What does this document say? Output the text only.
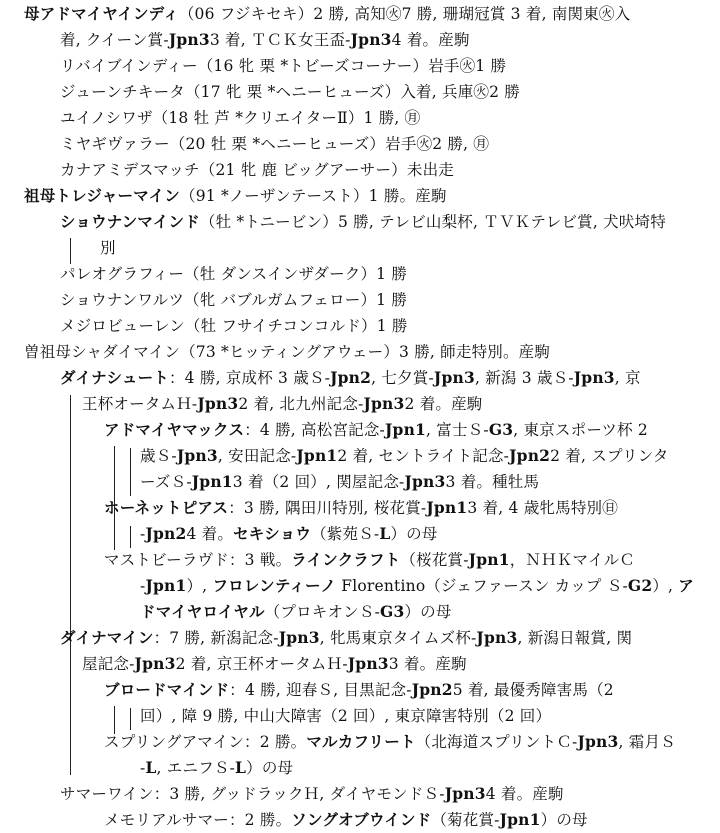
母アドマイヤインディ（06 フジキセキ）2 勝, 高知㊋7 勝, 珊瑚冠賞 3 着, 南関東㊋入
着, クイーン賞-Jpn33 着, ＴＣＫ女王盃-Jpn34 着。産駒
リバイブインディー（16 牝 栗 *トビーズコーナー）岩手㊋1 勝
ジューンチキータ（17 牝 栗 *ヘニーヒューズ）入着, 兵庫㊋2 勝
ユイノシワザ（18 牡 芦 *クリエイターⅡ）1 勝, ㊊
ミヤギヴァラー（20 牡 栗 *ヘニーヒューズ）岩手㊋2 勝, ㊊
カナアミデスマッチ（21 牝 鹿 ビッグアーサー）未出走
祖母トレジャーマイン（91 *ノーザンテースト）1 勝。産駒
ショウナンマインド（牡 *トニービン）5 勝, テレビ山梨杯, ＴＶＫテレビ賞, 犬吠埼特
別
パレオグラフィー（牡 ダンスインザダーク）1 勝
ショウナンワルツ（牝 バブルガムフェロー）1 勝
メジロビューレン（牡 フサイチコンコルド）1 勝
曽祖母シャダイマイン（73 *ヒッティングアウェー）3 勝, 師走特別。産駒
ダイナシュート：4 勝, 京成杯 3 歳Ｓ-Jpn2, 七夕賞-Jpn3, 新潟 3 歳Ｓ-Jpn3, 京
王杯オータムＨ-Jpn32 着, 北九州記念-Jpn32 着。産駒
アドマイヤマックス：4 勝, 高松宮記念-Jpn1, 富士Ｓ-G3, 東京スポーツ杯 2
歳Ｓ-Jpn3, 安田記念-Jpn12 着, セントライト記念-Jpn22 着, スプリンタ
ーズＳ-Jpn13 着（2 回）, 関屋記念-Jpn33 着。種牡馬
ホーネットピアス：3 勝, 隅田川特別, 桜花賞-Jpn13 着, 4 歳牝馬特別㊐
-Jpn24 着。セキショウ（紫苑Ｓ-L）の母
マストビーラヴド：3 戦。ラインクラフト（桜花賞-Jpn1，ＮＨＫマイルＣ
-Jpn1）, フロレンティーノ Florentino（ジェファースン カップ Ｓ-G2）, ア
ドマイヤロイヤル（プロキオンＳ-G3）の母
ダイナマイン：7 勝, 新潟記念-Jpn3, 牝馬東京タイムズ杯-Jpn3, 新潟日報賞, 関
屋記念-Jpn32 着, 京王杯オータムＨ-Jpn33 着。産駒
ブロードマインド：4 勝, 迎春Ｓ, 目黒記念-Jpn25 着, 最優秀障害馬（2
回）, 障 9 勝, 中山大障害（2 回）, 東京障害特別（2 回）
スプリングアマイン：2 勝。マルカフリート（北海道スプリントＣ-Jpn3, 霜月Ｓ
-L, エニフＳ-L）の母
サマーワイン：3 勝, グッドラックＨ, ダイヤモンドＳ-Jpn34 着。産駒
メモリアルサマー：2 勝。ソングオブウインド（菊花賞-Jpn1）の母
